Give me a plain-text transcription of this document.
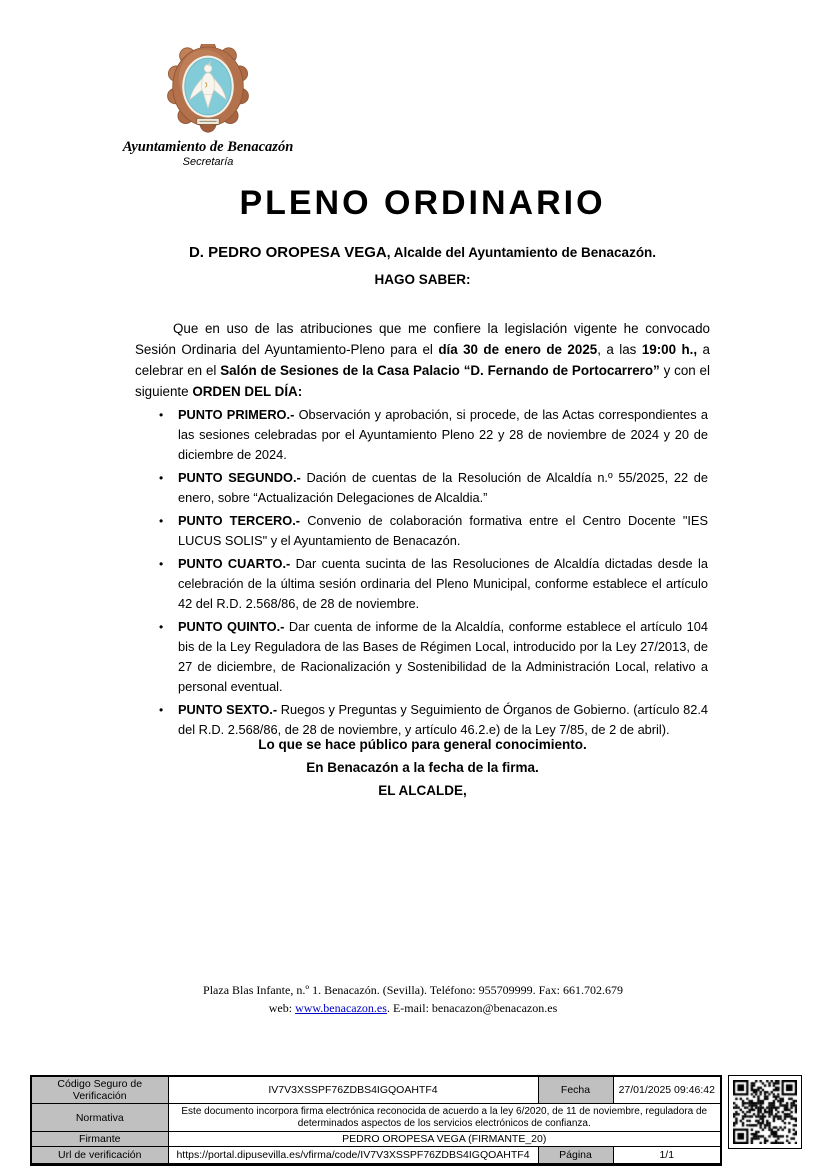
Ayuntamiento de Benacazón
Secretaría
PLENO ORDINARIO
D. PEDRO OROPESA VEGA, Alcalde del Ayuntamiento de Benacazón.
HAGO SABER:

Que en uso de las atribuciones que me confiere la legislación vigente he convocado Sesión Ordinaria del Ayuntamiento-Pleno para el día 30 de enero de 2025, a las 19:00 h., a celebrar en el Salón de Sesiones de la Casa Palacio “D. Fernando de Portocarrero” y con el siguiente ORDEN DEL DÍA:

• PUNTO PRIMERO.- Observación y aprobación, si procede, de las Actas correspondientes a las sesiones celebradas por el Ayuntamiento Pleno 22 y 28 de noviembre de 2024 y 20 de diciembre de 2024.
• PUNTO SEGUNDO.- Dación de cuentas de la Resolución de Alcaldía n.º 55/2025, 22 de enero, sobre “Actualización Delegaciones de Alcaldia.”
• PUNTO TERCERO.- Convenio de colaboración formativa entre el Centro Docente "IES LUCUS SOLIS" y el Ayuntamiento de Benacazón.
• PUNTO CUARTO.- Dar cuenta sucinta de las Resoluciones de Alcaldía dictadas desde la celebración de la última sesión ordinaria del Pleno Municipal, conforme establece el artículo 42 del R.D. 2.568/86, de 28 de noviembre.
• PUNTO QUINTO.- Dar cuenta de informe de la Alcaldía, conforme establece el artículo 104 bis de la Ley Reguladora de las Bases de Régimen Local, introducido por la Ley 27/2013, de 27 de diciembre, de Racionalización y Sostenibilidad de la Administración Local, relativo a personal eventual.
• PUNTO SEXTO.- Ruegos y Preguntas y Seguimiento de Órganos de Gobierno. (artículo 82.4 del R.D. 2.568/86, de 28 de noviembre, y artículo 46.2.e) de la Ley 7/85, de 2 de abril).
Lo que se hace público para general conocimiento.
En Benacazón a la fecha de la firma.
EL ALCALDE,
Plaza Blas Infante, n.º 1. Benacazón. (Sevilla). Teléfono: 955709999. Fax: 661.702.679
web: www.benacazon.es. E-mail: benacazon@benacazon.es
Código Seguro de Verificación	IV7V3XSSPF76ZDBS4IGQOAHTF4	Fecha	27/01/2025 09:46:42
Normativa	Este documento incorpora firma electrónica reconocida de acuerdo a la ley 6/2020, de 11 de noviembre, reguladora de determinados aspectos de los servicios electrónicos de confianza.		
Firmante	PEDRO OROPESA VEGA (FIRMANTE_20)		
Url de verificación	https://portal.dipusevilla.es/vfirma/code/IV7V3XSSPF76ZDBS4IGQOAHTF4	Página	1/1
